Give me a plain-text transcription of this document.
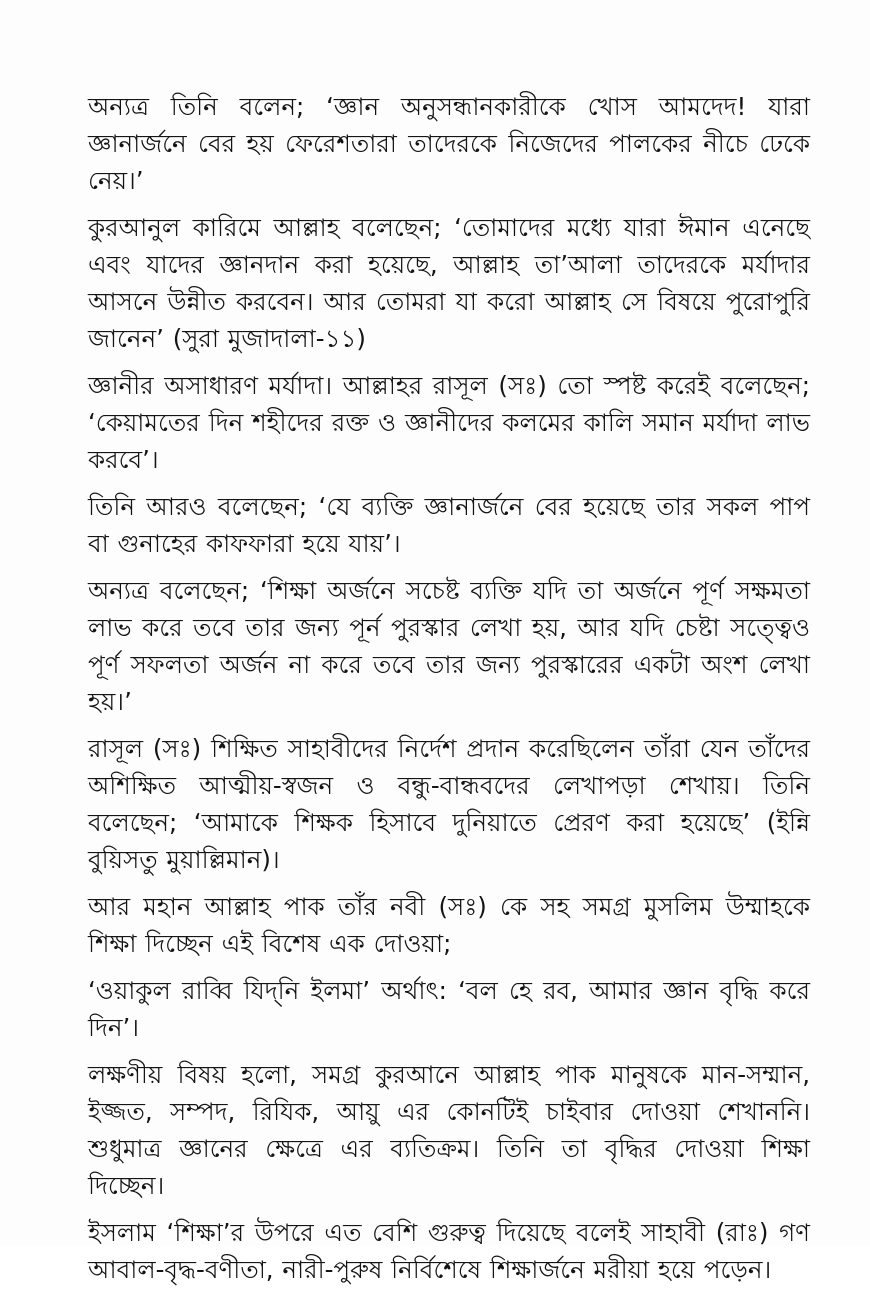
অন্যত্র তিনি বলেন; ‘জ্ঞান অনুসন্ধানকারীকে খোস আমদেদ! যারা জ্ঞানার্জনে বের হয় ফেরেশতারা তাদেরকে নিজেদের পালকের নীচে ঢেকে নেয়।’

কুরআনুল কারিমে আল্লাহ বলেছেন; ‘তোমাদের মধ্যে যারা ঈমান এনেছে এবং যাদের জ্ঞানদান করা হয়েছে, আল্লাহ তা’আলা তাদেরকে মর্যাদার আসনে উন্নীত করবেন। আর তোমরা যা করো আল্লাহ সে বিষয়ে পুরোপুরি জানেন’ (সুরা মুজাদালা-১১)

জ্ঞানীর অসাধারণ মর্যাদা। আল্লাহর রাসূল (সঃ) তো স্পষ্ট করেই বলেছেন; ‘কেয়ামতের দিন শহীদের রক্ত ও জ্ঞানীদের কলমের কালি সমান মর্যাদা লাভ করবে’।

তিনি আরও বলেছেন; ‘যে ব্যক্তি জ্ঞানার্জনে বের হয়েছে তার সকল পাপ বা গুনাহের কাফফারা হয়ে যায়’।

অন্যত্র বলেছেন; ‘শিক্ষা অর্জনে সচেষ্ট ব্যক্তি যদি তা অর্জনে পূর্ণ সক্ষমতা লাভ করে তবে তার জন্য পূর্ন পুরস্কার লেখা হয়, আর যদি চেষ্টা সত্ত্বেও পূর্ণ সফলতা অর্জন না করে তবে তার জন্য পুরস্কারের একটা অংশ লেখা হয়।’

রাসূল (সঃ) শিক্ষিত সাহাবীদের নির্দেশ প্রদান করেছিলেন তাঁরা যেন তাঁদের অশিক্ষিত আত্মীয়-স্বজন ও বন্ধু-বান্ধবদের লেখাপড়া শেখায়। তিনি বলেছেন; ‘আমাকে শিক্ষক হিসাবে দুনিয়াতে প্রেরণ করা হয়েছে’ (ইন্নি বুয়িসতু মুয়াল্লিমান)।

আর মহান আল্লাহ পাক তাঁর নবী (সঃ) কে সহ সমগ্র মুসলিম উম্মাহকে শিক্ষা দিচ্ছেন এই বিশেষ এক দোওয়া;

‘ওয়াকুল রাব্বি যিদ্‌নি ইলমা’ অর্থাৎ: ‘বল হে রব, আমার জ্ঞান বৃদ্ধি করে দিন’।

লক্ষণীয় বিষয় হলো, সমগ্র কুরআনে আল্লাহ পাক মানুষকে মান-সম্মান, ইজ্জত, সম্পদ, রিযিক, আয়ু এর কোনটিই চাইবার দোওয়া শেখাননি। শুধুমাত্র জ্ঞানের ক্ষেত্রে এর ব্যতিক্রম। তিনি তা বৃদ্ধির দোওয়া শিক্ষা দিচ্ছেন।

ইসলাম ‘শিক্ষা’র উপরে এত বেশি গুরুত্ব দিয়েছে বলেই সাহাবী (রাঃ) গণ আবাল-বৃদ্ধ-বণীতা, নারী-পুরুষ নির্বিশেষে শিক্ষার্জনে মরীয়া হয়ে পড়েন।
